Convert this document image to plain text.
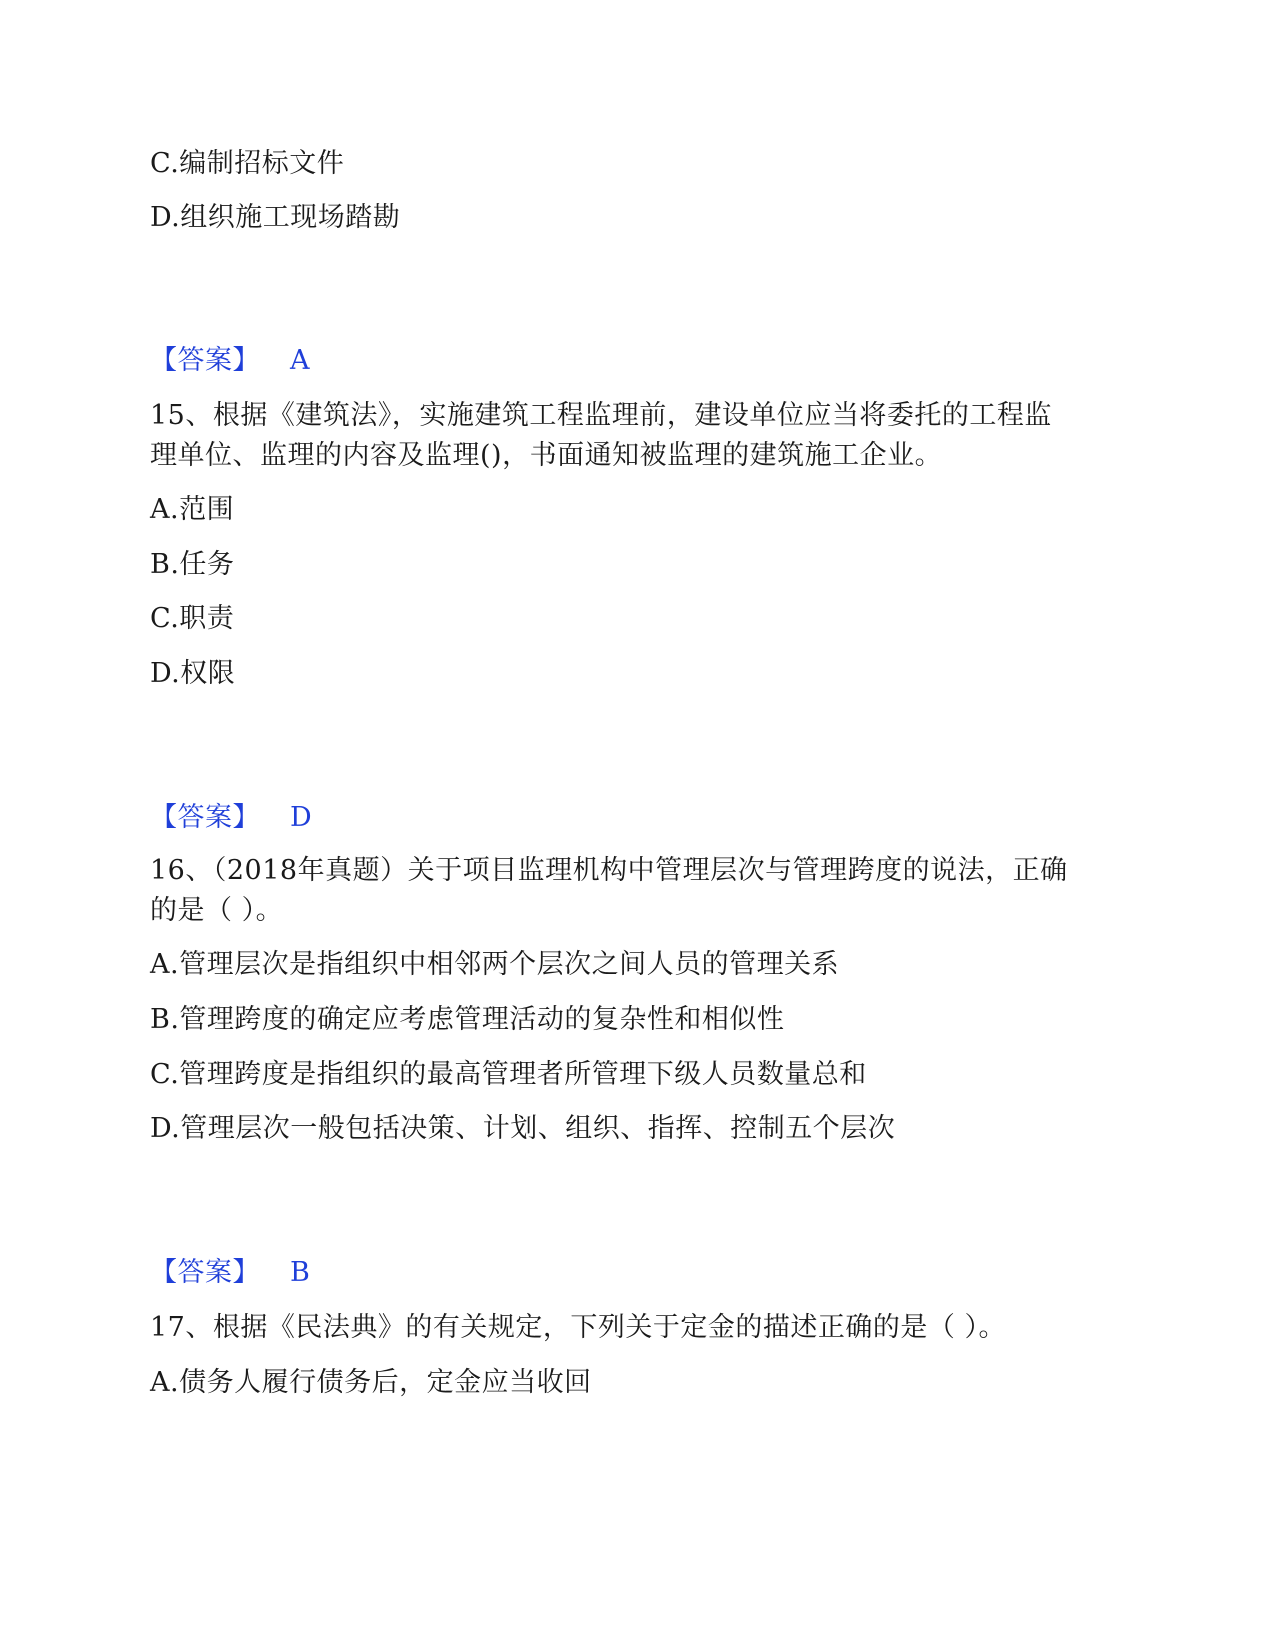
C.编制招标文件
D.组织施工现场踏勘
【答案】 A
15、根据《建筑法》，实施建筑工程监理前，建设单位应当将委托的工程监
理单位、监理的内容及监理()，书面通知被监理的建筑施工企业。
A.范围
B.任务
C.职责
D.权限
【答案】 D
16、（2018年真题）关于项目监理机构中管理层次与管理跨度的说法，正确
的是（ ）。
A.管理层次是指组织中相邻两个层次之间人员的管理关系
B.管理跨度的确定应考虑管理活动的复杂性和相似性
C.管理跨度是指组织的最高管理者所管理下级人员数量总和
D.管理层次一般包括决策、计划、组织、指挥、控制五个层次
【答案】 B
17、根据《民法典》的有关规定，下列关于定金的描述正确的是（ ）。
A.债务人履行债务后，定金应当收回
